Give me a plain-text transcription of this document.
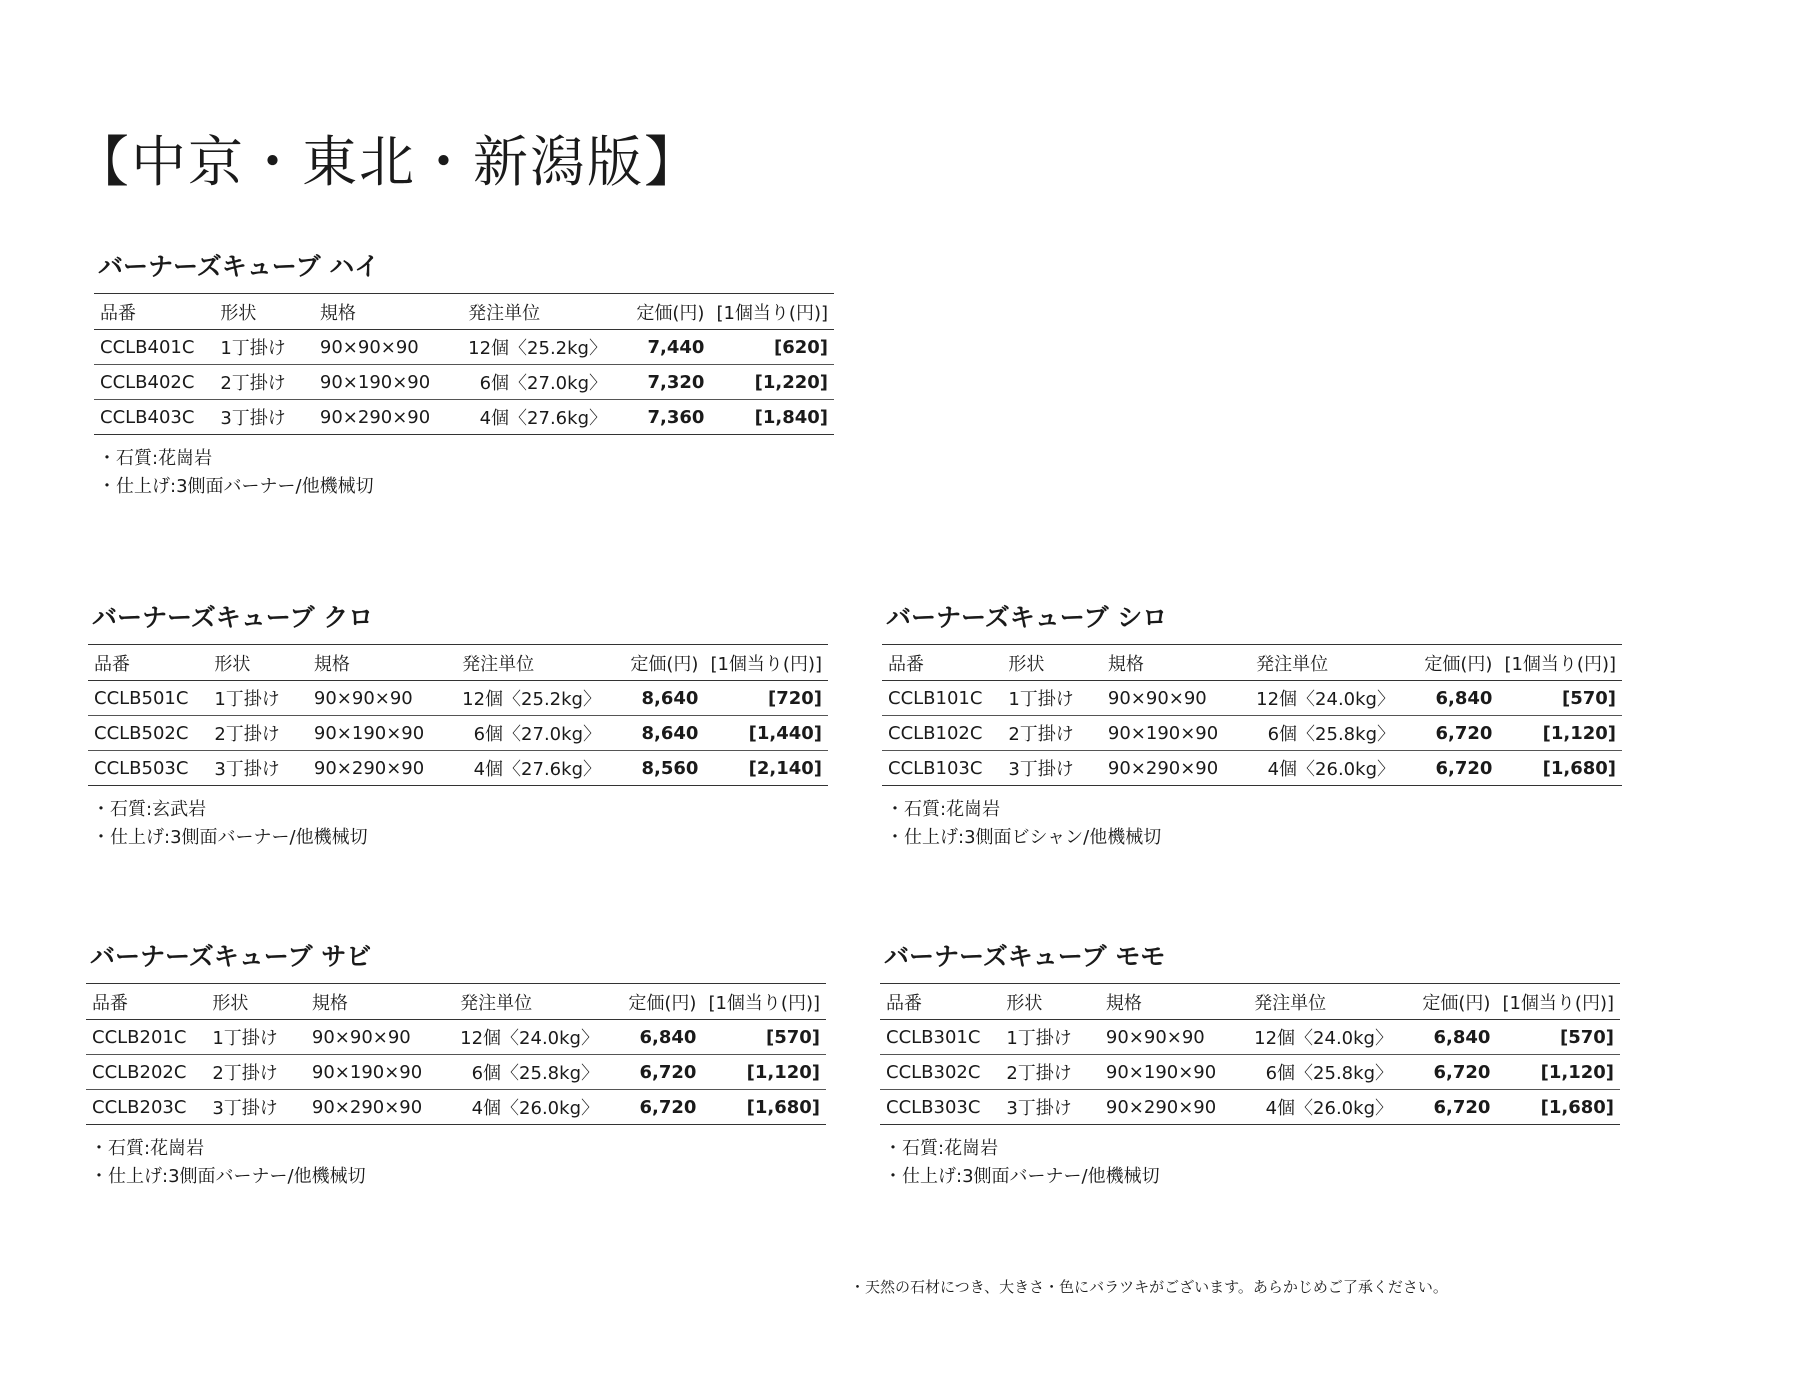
【中京・東北・新潟版】
バーナーズキューブ ハイ
品番	形状	規格	発注単位	定価(円)	[1個当り(円)]
CCLB401C	1丁掛け	90×90×90	12個〈25.2kg〉	7,440	[620]
CCLB402C	2丁掛け	90×190×90	6個〈27.0kg〉	7,320	[1,220]
CCLB403C	3丁掛け	90×290×90	4個〈27.6kg〉	7,360	[1,840]
・石質:花崗岩
・仕上げ:3側面バーナー/他機械切
バーナーズキューブ クロ
品番	形状	規格	発注単位	定価(円)	[1個当り(円)]
CCLB501C	1丁掛け	90×90×90	12個〈25.2kg〉	8,640	[720]
CCLB502C	2丁掛け	90×190×90	6個〈27.0kg〉	8,640	[1,440]
CCLB503C	3丁掛け	90×290×90	4個〈27.6kg〉	8,560	[2,140]
・石質:玄武岩
・仕上げ:3側面バーナー/他機械切
バーナーズキューブ シロ
品番	形状	規格	発注単位	定価(円)	[1個当り(円)]
CCLB101C	1丁掛け	90×90×90	12個〈24.0kg〉	6,840	[570]
CCLB102C	2丁掛け	90×190×90	6個〈25.8kg〉	6,720	[1,120]
CCLB103C	3丁掛け	90×290×90	4個〈26.0kg〉	6,720	[1,680]
・石質:花崗岩
・仕上げ:3側面ビシャン/他機械切
バーナーズキューブ サビ
品番	形状	規格	発注単位	定価(円)	[1個当り(円)]
CCLB201C	1丁掛け	90×90×90	12個〈24.0kg〉	6,840	[570]
CCLB202C	2丁掛け	90×190×90	6個〈25.8kg〉	6,720	[1,120]
CCLB203C	3丁掛け	90×290×90	4個〈26.0kg〉	6,720	[1,680]
・石質:花崗岩
・仕上げ:3側面バーナー/他機械切
バーナーズキューブ モモ
品番	形状	規格	発注単位	定価(円)	[1個当り(円)]
CCLB301C	1丁掛け	90×90×90	12個〈24.0kg〉	6,840	[570]
CCLB302C	2丁掛け	90×190×90	6個〈25.8kg〉	6,720	[1,120]
CCLB303C	3丁掛け	90×290×90	4個〈26.0kg〉	6,720	[1,680]
・石質:花崗岩
・仕上げ:3側面バーナー/他機械切
・天然の石材につき、大きさ・色にバラツキがございます。あらかじめご了承ください。
